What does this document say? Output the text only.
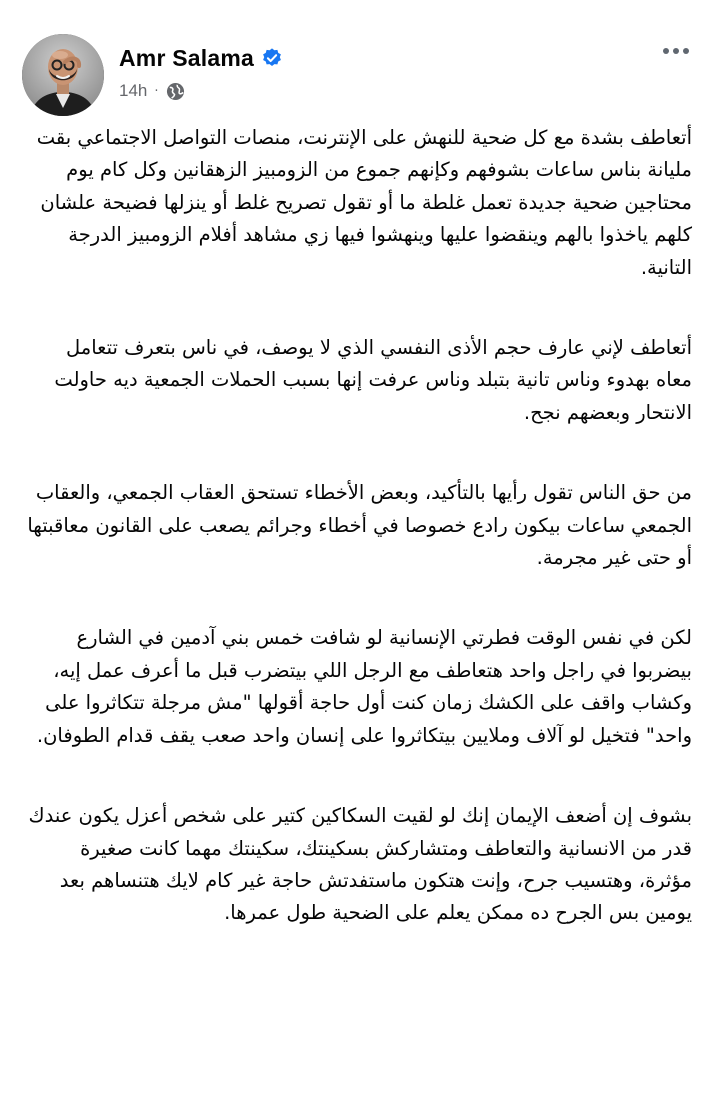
Amr Salama
14h ·

أتعاطف بشدة مع كل ضحية للنهش على الإنترنت، منصات التواصل الاجتماعي بقت مليانة بناس ساعات بشوفهم وكإنهم جموع من الزومبيز الزهقانين وكل كام يوم محتاجين ضحية جديدة تعمل غلطة ما أو تقول تصريح غلط أو ينزلها فضيحة علشان كلهم ياخذوا بالهم وينقضوا عليها وينهشوا فيها زي مشاهد أفلام الزومبيز الدرجة التانية.

أتعاطف لإني عارف حجم الأذى النفسي الذي لا يوصف، في ناس بتعرف تتعامل معاه بهدوء وناس تانية بتبلد وناس عرفت إنها بسبب الحملات الجمعية ديه حاولت الانتحار وبعضهم نجح.

من حق الناس تقول رأيها بالتأكيد، وبعض الأخطاء تستحق العقاب الجمعي، والعقاب الجمعي ساعات بيكون رادع خصوصا في أخطاء وجرائم يصعب على القانون معاقبتها أو حتى غير مجرمة.

لكن في نفس الوقت فطرتي الإنسانية لو شافت خمس بني آدمين في الشارع بيضربوا في راجل واحد هتعاطف مع الرجل اللي بيتضرب قبل ما أعرف عمل إيه، وكشاب واقف على الكشك زمان كنت أول حاجة أقولها "مش مرجلة تتكاثروا على واحد" فتخيل لو آلاف وملايين بيتكاثروا على إنسان واحد صعب يقف قدام الطوفان.

بشوف إن أضعف الإيمان إنك لو لقيت السكاكين كتير على شخص أعزل يكون عندك قدر من الانسانية والتعاطف ومتشاركش بسكينتك، سكينتك مهما كانت صغيرة مؤثرة، وهتسيب جرح، وإنت هتكون ماستفدتش حاجة غير كام لايك هتنساهم بعد يومين بس الجرح ده ممكن يعلم على الضحية طول عمرها.
